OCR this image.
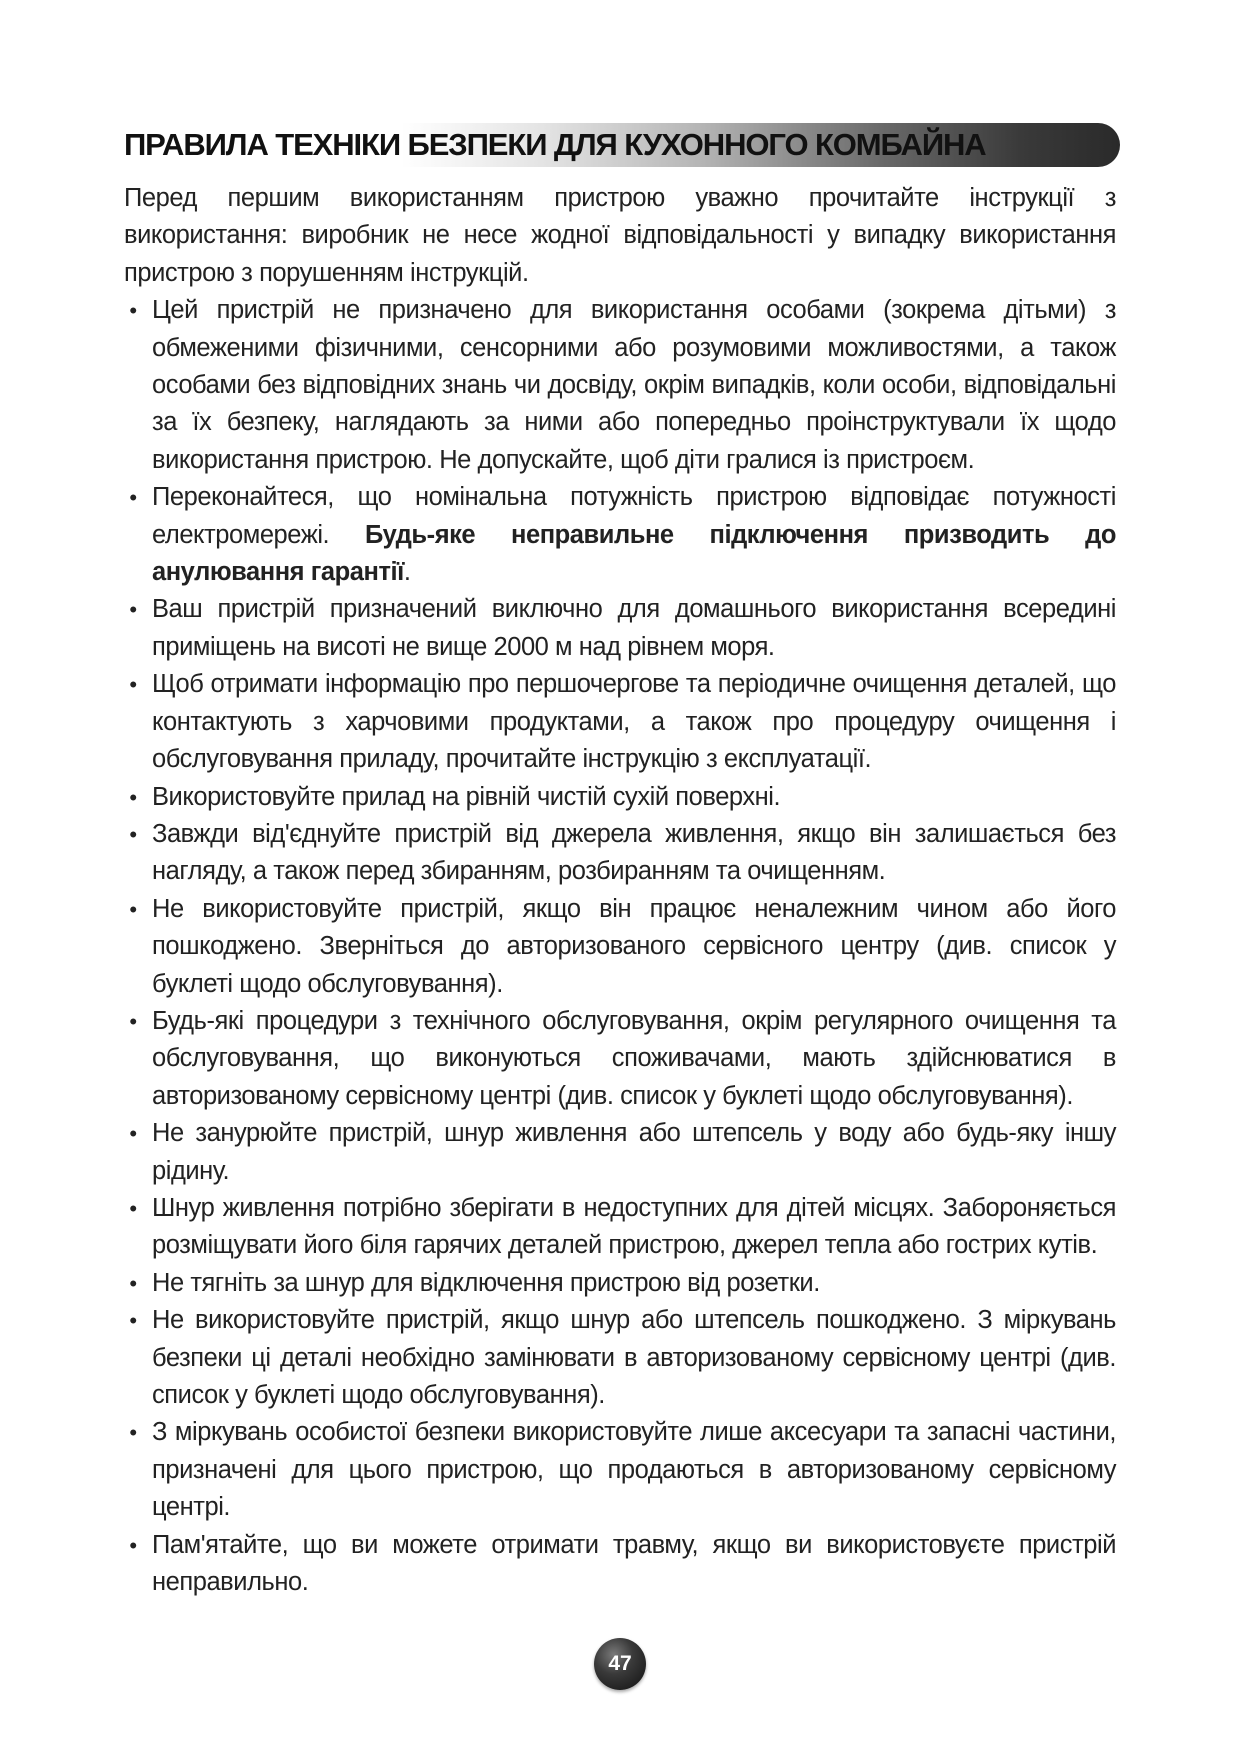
ПРАВИЛА ТЕХНІКИ БЕЗПЕКИ ДЛЯ КУХОННОГО КОМБАЙНА

Перед першим використанням пристрою уважно прочитайте інструкції з використання: виробник не несе жодної відповідальності у випадку використання пристрою з порушенням інструкцій.

• Цей пристрій не призначено для використання особами (зокрема дітьми) з обмеженими фізичними, сенсорними або розумовими можливостями, а також особами без відповідних знань чи досвіду, окрім випадків, коли особи, відповідальні за їх безпеку, наглядають за ними або попередньо проінструктували їх щодо використання пристрою. Не допускайте, щоб діти гралися із пристроєм.
• Переконайтеся, що номінальна потужність пристрою відповідає потужності електромережі. Будь-яке неправильне підключення призводить до анулювання гарантії.
• Ваш пристрій призначений виключно для домашнього використання всередині приміщень на висоті не вище 2000 м над рівнем моря.
• Щоб отримати інформацію про першочергове та періодичне очищення деталей, що контактують з харчовими продуктами, а також про процедуру очищення і обслуговування приладу, прочитайте інструкцію з експлуатації.
• Використовуйте прилад на рівній чистій сухій поверхні.
• Завжди від'єднуйте пристрій від джерела живлення, якщо він залишається без нагляду, а також перед збиранням, розбиранням та очищенням.
• Не використовуйте пристрій, якщо він працює неналежним чином або його пошкоджено. Зверніться до авторизованого сервісного центру (див. список у буклеті щодо обслуговування).
• Будь-які процедури з технічного обслуговування, окрім регулярного очищення та обслуговування, що виконуються споживачами, мають здійснюватися в авторизованому сервісному центрі (див. список у буклеті щодо обслуговування).
• Не занурюйте пристрій, шнур живлення або штепсель у воду або будь-яку іншу рідину.
• Шнур живлення потрібно зберігати в недоступних для дітей місцях. Забороняється розміщувати його біля гарячих деталей пристрою, джерел тепла або гострих кутів.
• Не тягніть за шнур для відключення пристрою від розетки.
• Не використовуйте пристрій, якщо шнур або штепсель пошкоджено. З міркувань безпеки ці деталі необхідно замінювати в авторизованому сервісному центрі (див. список у буклеті щодо обслуговування).
• З міркувань особистої безпеки використовуйте лише аксесуари та запасні частини, призначені для цього пристрою, що продаються в авторизованому сервісному центрі.
• Пам'ятайте, що ви можете отримати травму, якщо ви використовуєте пристрій неправильно.
47
